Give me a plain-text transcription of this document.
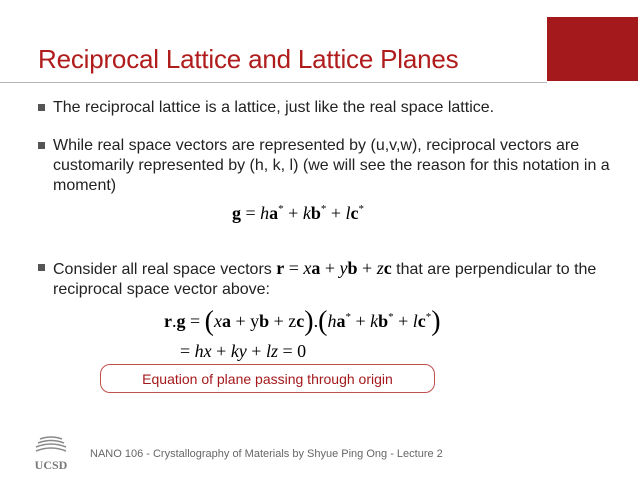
Reciprocal Lattice and Lattice Planes
The reciprocal lattice is a lattice, just like the real space lattice.
While real space vectors are represented by (u,v,w), reciprocal vectors are customarily represented by (h, k, l) (we will see the reason for this notation in a moment)
g = ha* + kb* + lc*
Consider all real space vectors r = xa + yb + zc that are perpendicular to the reciprocal space vector above:
r.g = (xa + yb + zc).(ha* + kb* + lc*)
= hx + ky + lz = 0
Equation of plane passing through origin
UCSD
NANO 106 - Crystallography of Materials by Shyue Ping Ong - Lecture 2
